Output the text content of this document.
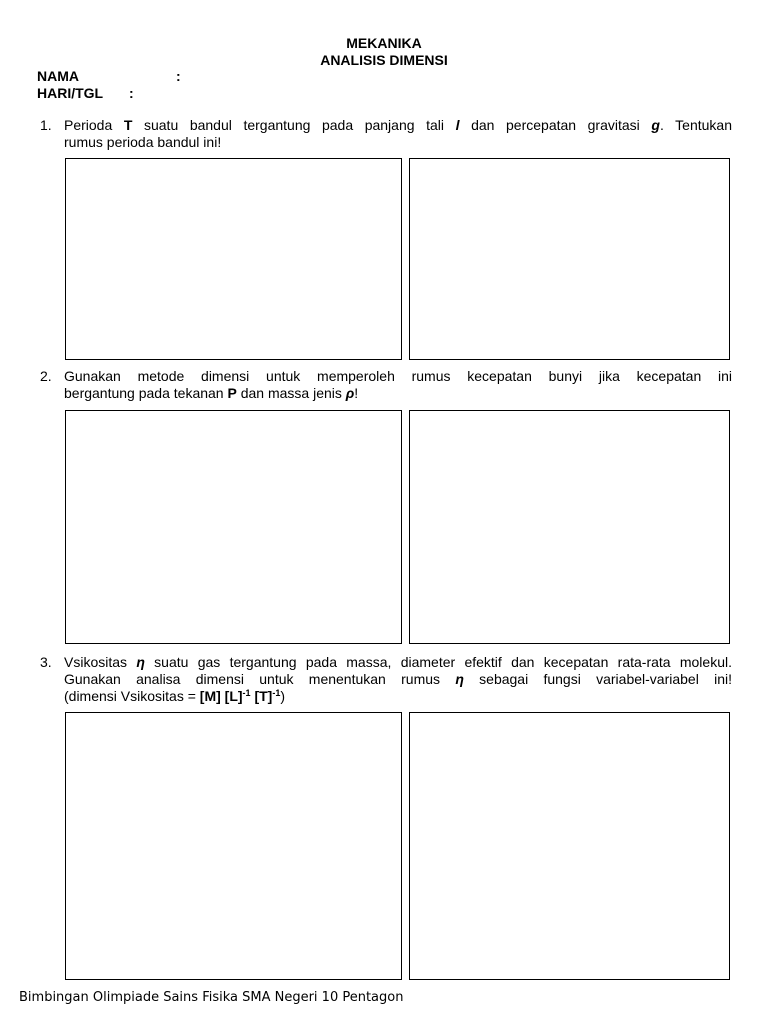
MEKANIKA
ANALISIS DIMENSI
NAMA	:
HARI/TGL :
1. Perioda T suatu bandul tergantung pada panjang tali l dan percepatan gravitasi g. Tentukan
rumus perioda bandul ini!
2. Gunakan metode dimensi untuk memperoleh rumus kecepatan bunyi jika kecepatan ini
bergantung pada tekanan P dan massa jenis ρ!
3. Vsikositas η suatu gas tergantung pada massa, diameter efektif dan kecepatan rata-rata molekul.
Gunakan analisa dimensi untuk menentukan rumus η sebagai fungsi variabel-variabel ini!
(dimensi Vsikositas = [M] $[L]^{-1}$ $[T]^{-1}$)
Bimbingan Olimpiade Sains Fisika SMA Negeri 10 Pentagon
